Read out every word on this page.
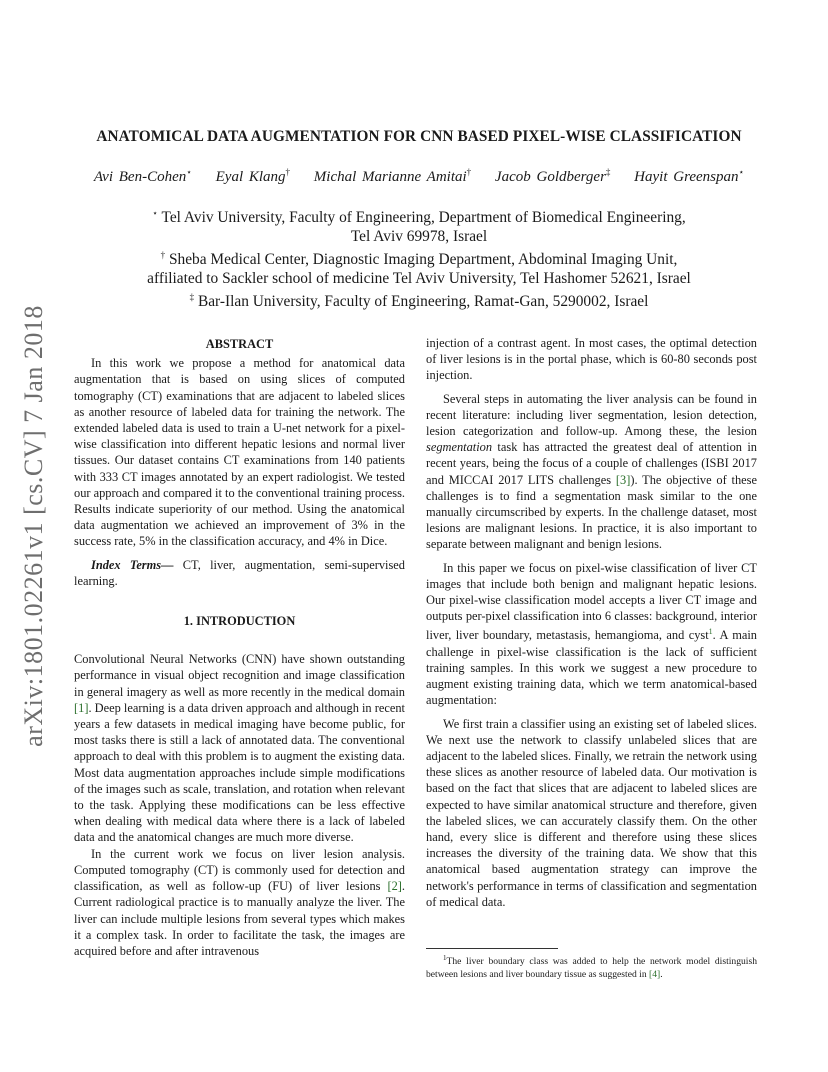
arXiv:1801.02261v1 [cs.CV] 7 Jan 2018
ANATOMICAL DATA AUGMENTATION FOR CNN BASED PIXEL-WISE CLASSIFICATION
Avi Ben-Cohen⋆ Eyal Klang† Michal Marianne Amitai† Jacob Goldberger‡ Hayit Greenspan⋆
⋆ Tel Aviv University, Faculty of Engineering, Department of Biomedical Engineering,
Tel Aviv 69978, Israel
† Sheba Medical Center, Diagnostic Imaging Department, Abdominal Imaging Unit,
affiliated to Sackler school of medicine Tel Aviv University, Tel Hashomer 52621, Israel
‡ Bar-Ilan University, Faculty of Engineering, Ramat-Gan, 5290002, Israel
ABSTRACT

In this work we propose a method for anatomical data augmentation that is based on using slices of computed tomography (CT) examinations that are adjacent to labeled slices as another resource of labeled data for training the network. The extended labeled data is used to train a U-net network for a pixel-wise classification into different hepatic lesions and normal liver tissues. Our dataset contains CT examinations from 140 patients with 333 CT images annotated by an expert radiologist. We tested our approach and compared it to the conventional training process. Results indicate superiority of our method. Using the anatomical data augmentation we achieved an improvement of 3% in the success rate, 5% in the classification accuracy, and 4% in Dice.

Index Terms— CT, liver, augmentation, semi-supervised learning.

1. INTRODUCTION

Convolutional Neural Networks (CNN) have shown outstanding performance in visual object recognition and image classification in general imagery as well as more recently in the medical domain [1]. Deep learning is a data driven approach and although in recent years a few datasets in medical imaging have become public, for most tasks there is still a lack of annotated data. The conventional approach to deal with this problem is to augment the existing data. Most data augmentation approaches include simple modifications of the images such as scale, translation, and rotation when relevant to the task. Applying these modifications can be less effective when dealing with medical data where there is a lack of labeled data and the anatomical changes are much more diverse.

In the current work we focus on liver lesion analysis. Computed tomography (CT) is commonly used for detection and classification, as well as follow-up (FU) of liver lesions [2]. Current radiological practice is to manually analyze the liver. The liver can include multiple lesions from several types which makes it a complex task. In order to facilitate the task, the images are acquired before and after intravenous

injection of a contrast agent. In most cases, the optimal detection of liver lesions is in the portal phase, which is 60-80 seconds post injection.

Several steps in automating the liver analysis can be found in recent literature: including liver segmentation, lesion detection, lesion categorization and follow-up. Among these, the lesion segmentation task has attracted the greatest deal of attention in recent years, being the focus of a couple of challenges (ISBI 2017 and MICCAI 2017 LITS challenges [3]). The objective of these challenges is to find a segmentation mask similar to the one manually circumscribed by experts. In the challenge dataset, most lesions are malignant lesions. In practice, it is also important to separate between malignant and benign lesions.

In this paper we focus on pixel-wise classification of liver CT images that include both benign and malignant hepatic lesions. Our pixel-wise classification model accepts a liver CT image and outputs per-pixel classification into 6 classes: background, interior liver, liver boundary, metastasis, hemangioma, and cyst$^1$. A main challenge in pixel-wise classification is the lack of sufficient training samples. In this work we suggest a new procedure to augment existing training data, which we term anatomical-based augmentation:

We first train a classifier using an existing set of labeled slices. We next use the network to classify unlabeled slices that are adjacent to the labeled slices. Finally, we retrain the network using these slices as another resource of labeled data. Our motivation is based on the fact that slices that are adjacent to labeled slices are expected to have similar anatomical structure and therefore, given the labeled slices, we can accurately classify them. On the other hand, every slice is different and therefore using these slices increases the diversity of the training data. We show that this anatomical based augmentation strategy can improve the network's performance in terms of classification and segmentation of medical data.

$^1$The liver boundary class was added to help the network model distinguish between lesions and liver boundary tissue as suggested in [4].
